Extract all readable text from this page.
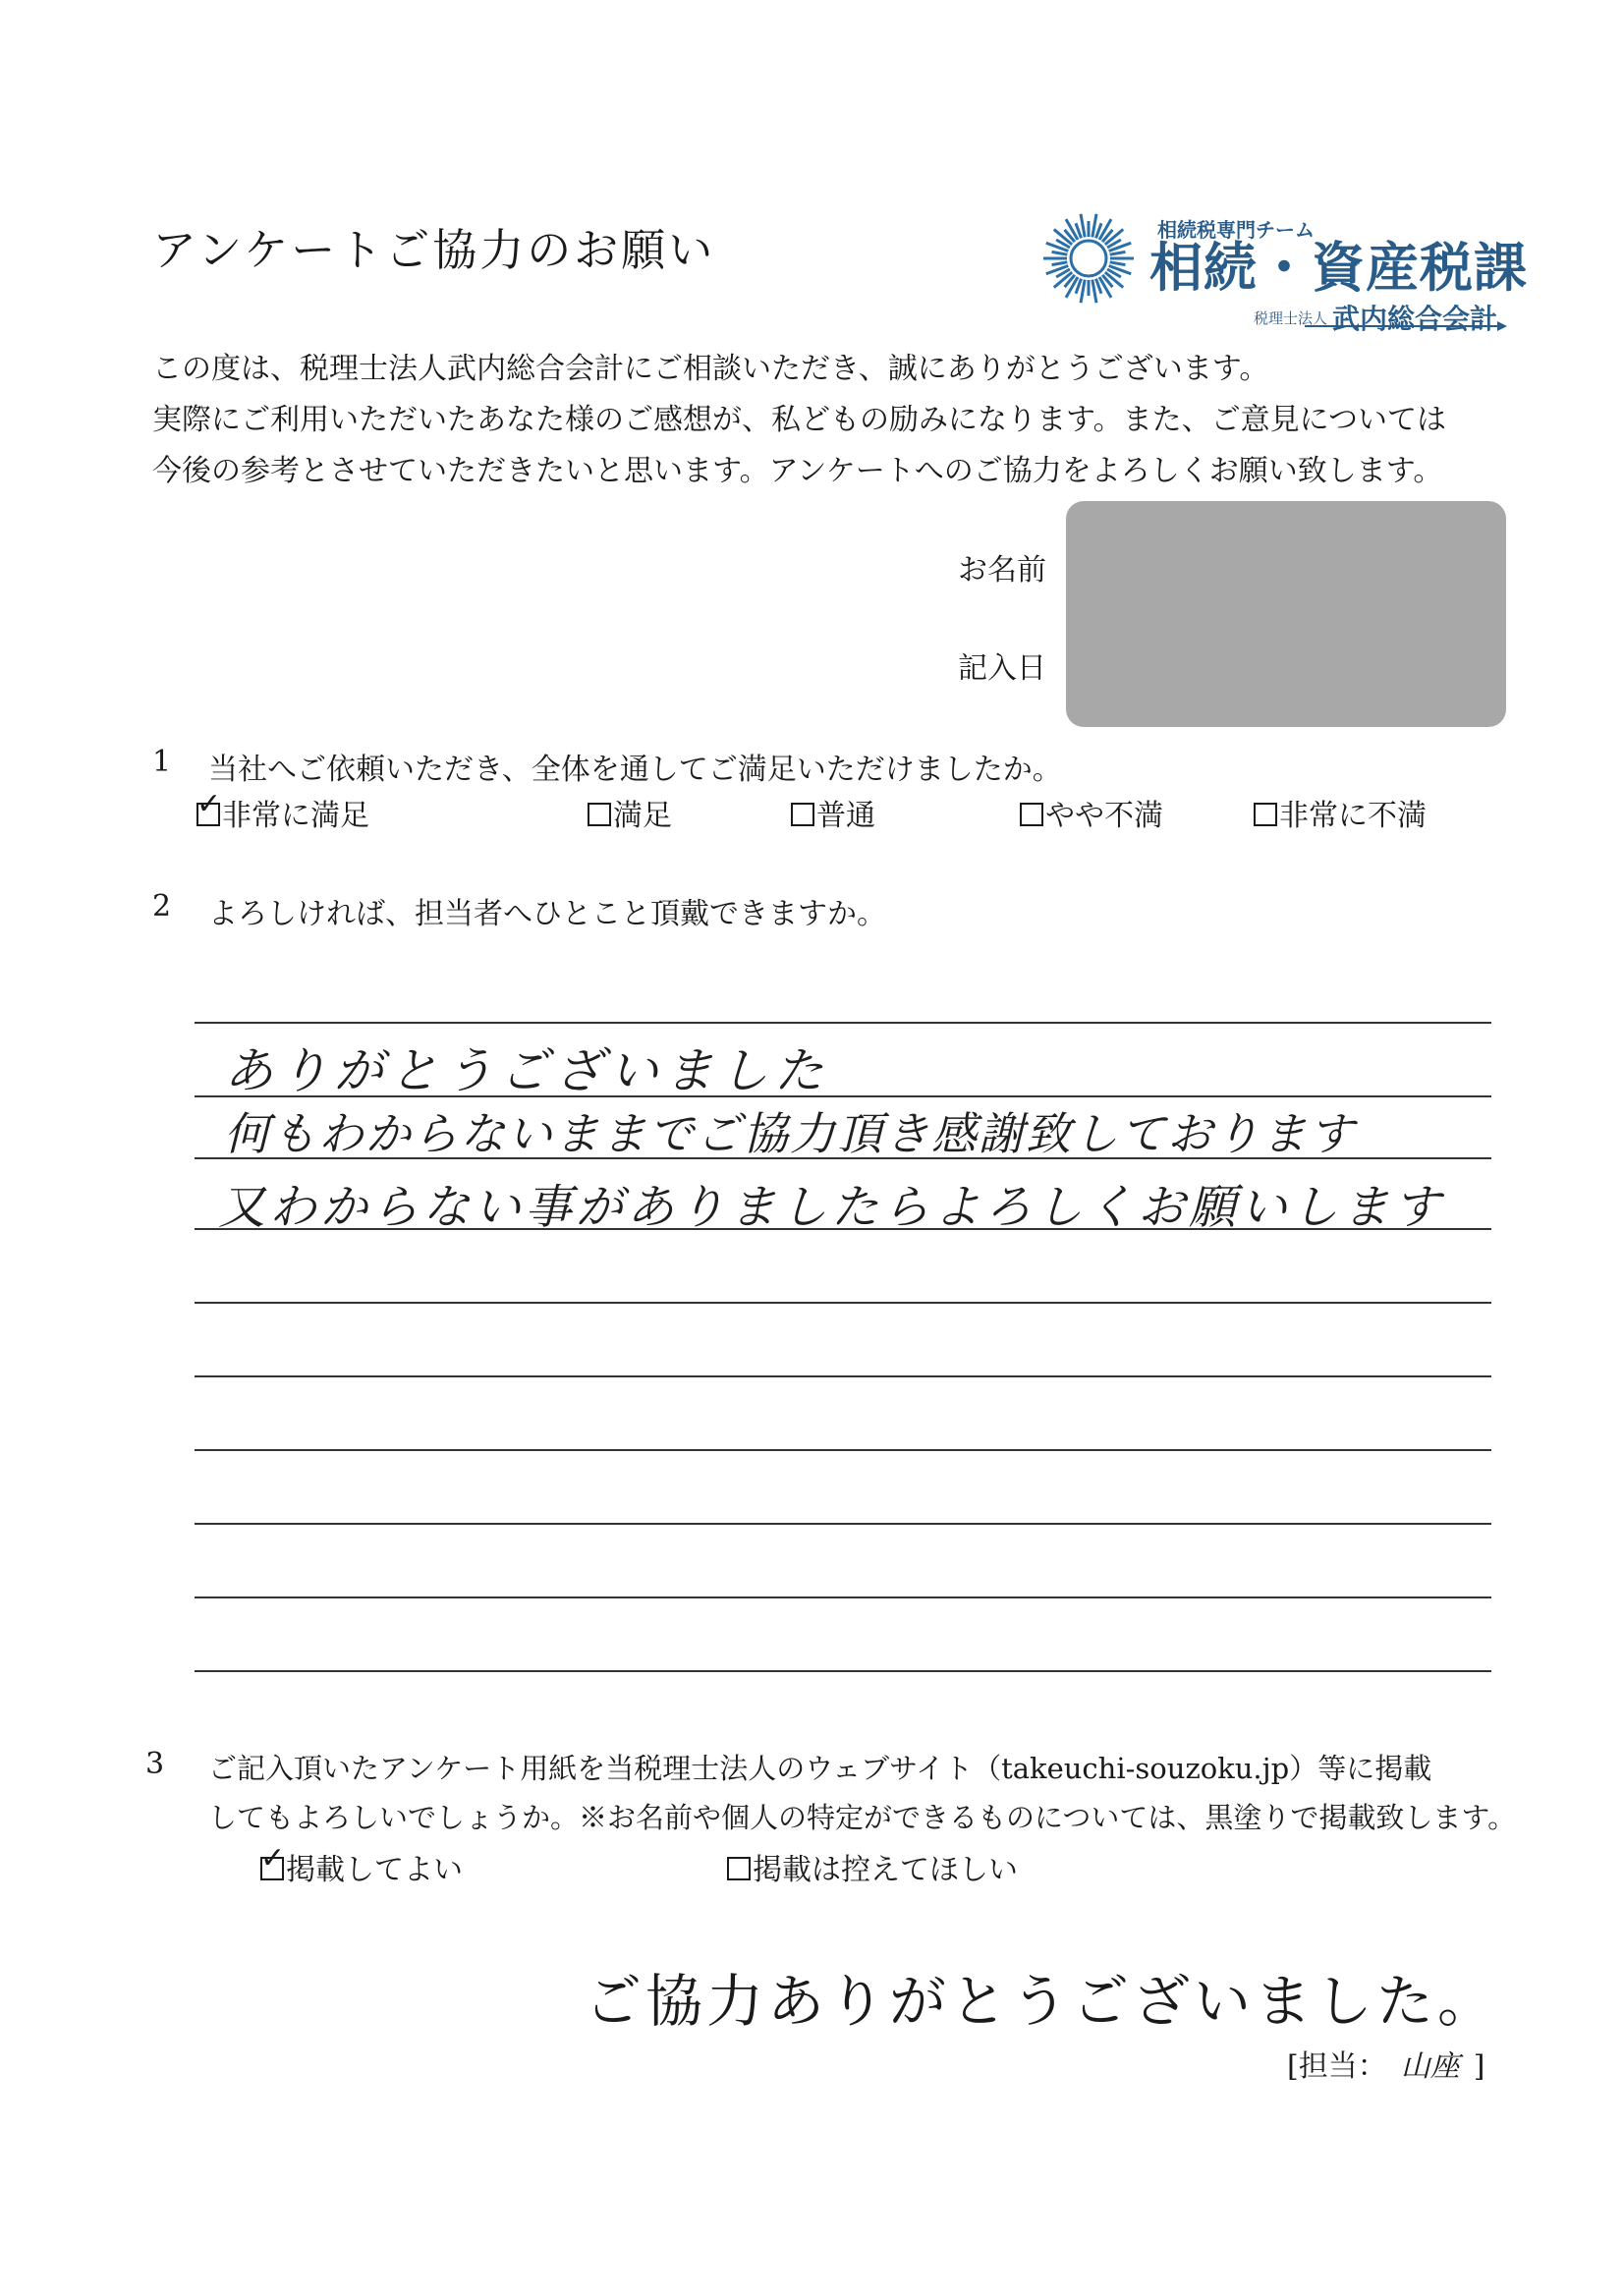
アンケートご協力のお願い	相続税専門チーム
相続・資産税課
税理士法人 武内総合会計

この度は、税理士法人武内総合会計にご相談いただき、誠にありがとうございます。

実際にご利用いただいたあなた様のご感想が、私どもの励みになります。また、ご意見については

今後の参考とさせていただきたいと思います。アンケートへのご協力をよろしくお願い致します。

お名前
記入日
1 当社へご依頼いただき、全体を通してご満足いただけましたか。
✓ 非常に満足	満足	普通	やや不満	非常に不満
2 よろしければ、担当者へひとこと頂戴できますか。
ありがとうございました
何もわからないままでご協力頂き感謝致しております
又わからない事がありましたらよろしくお願いします
3 ご記入頂いたアンケート用紙を当税理士法人のウェブサイト（takeuchi-souzoku.jp）等に掲載
してもよろしいでしょうか。※お名前や個人の特定ができるものについては、黒塗りで掲載致します。
✓ 掲載してよい	掲載は控えてほしい
ご協力ありがとうございました。
[担当： 山座 ]
